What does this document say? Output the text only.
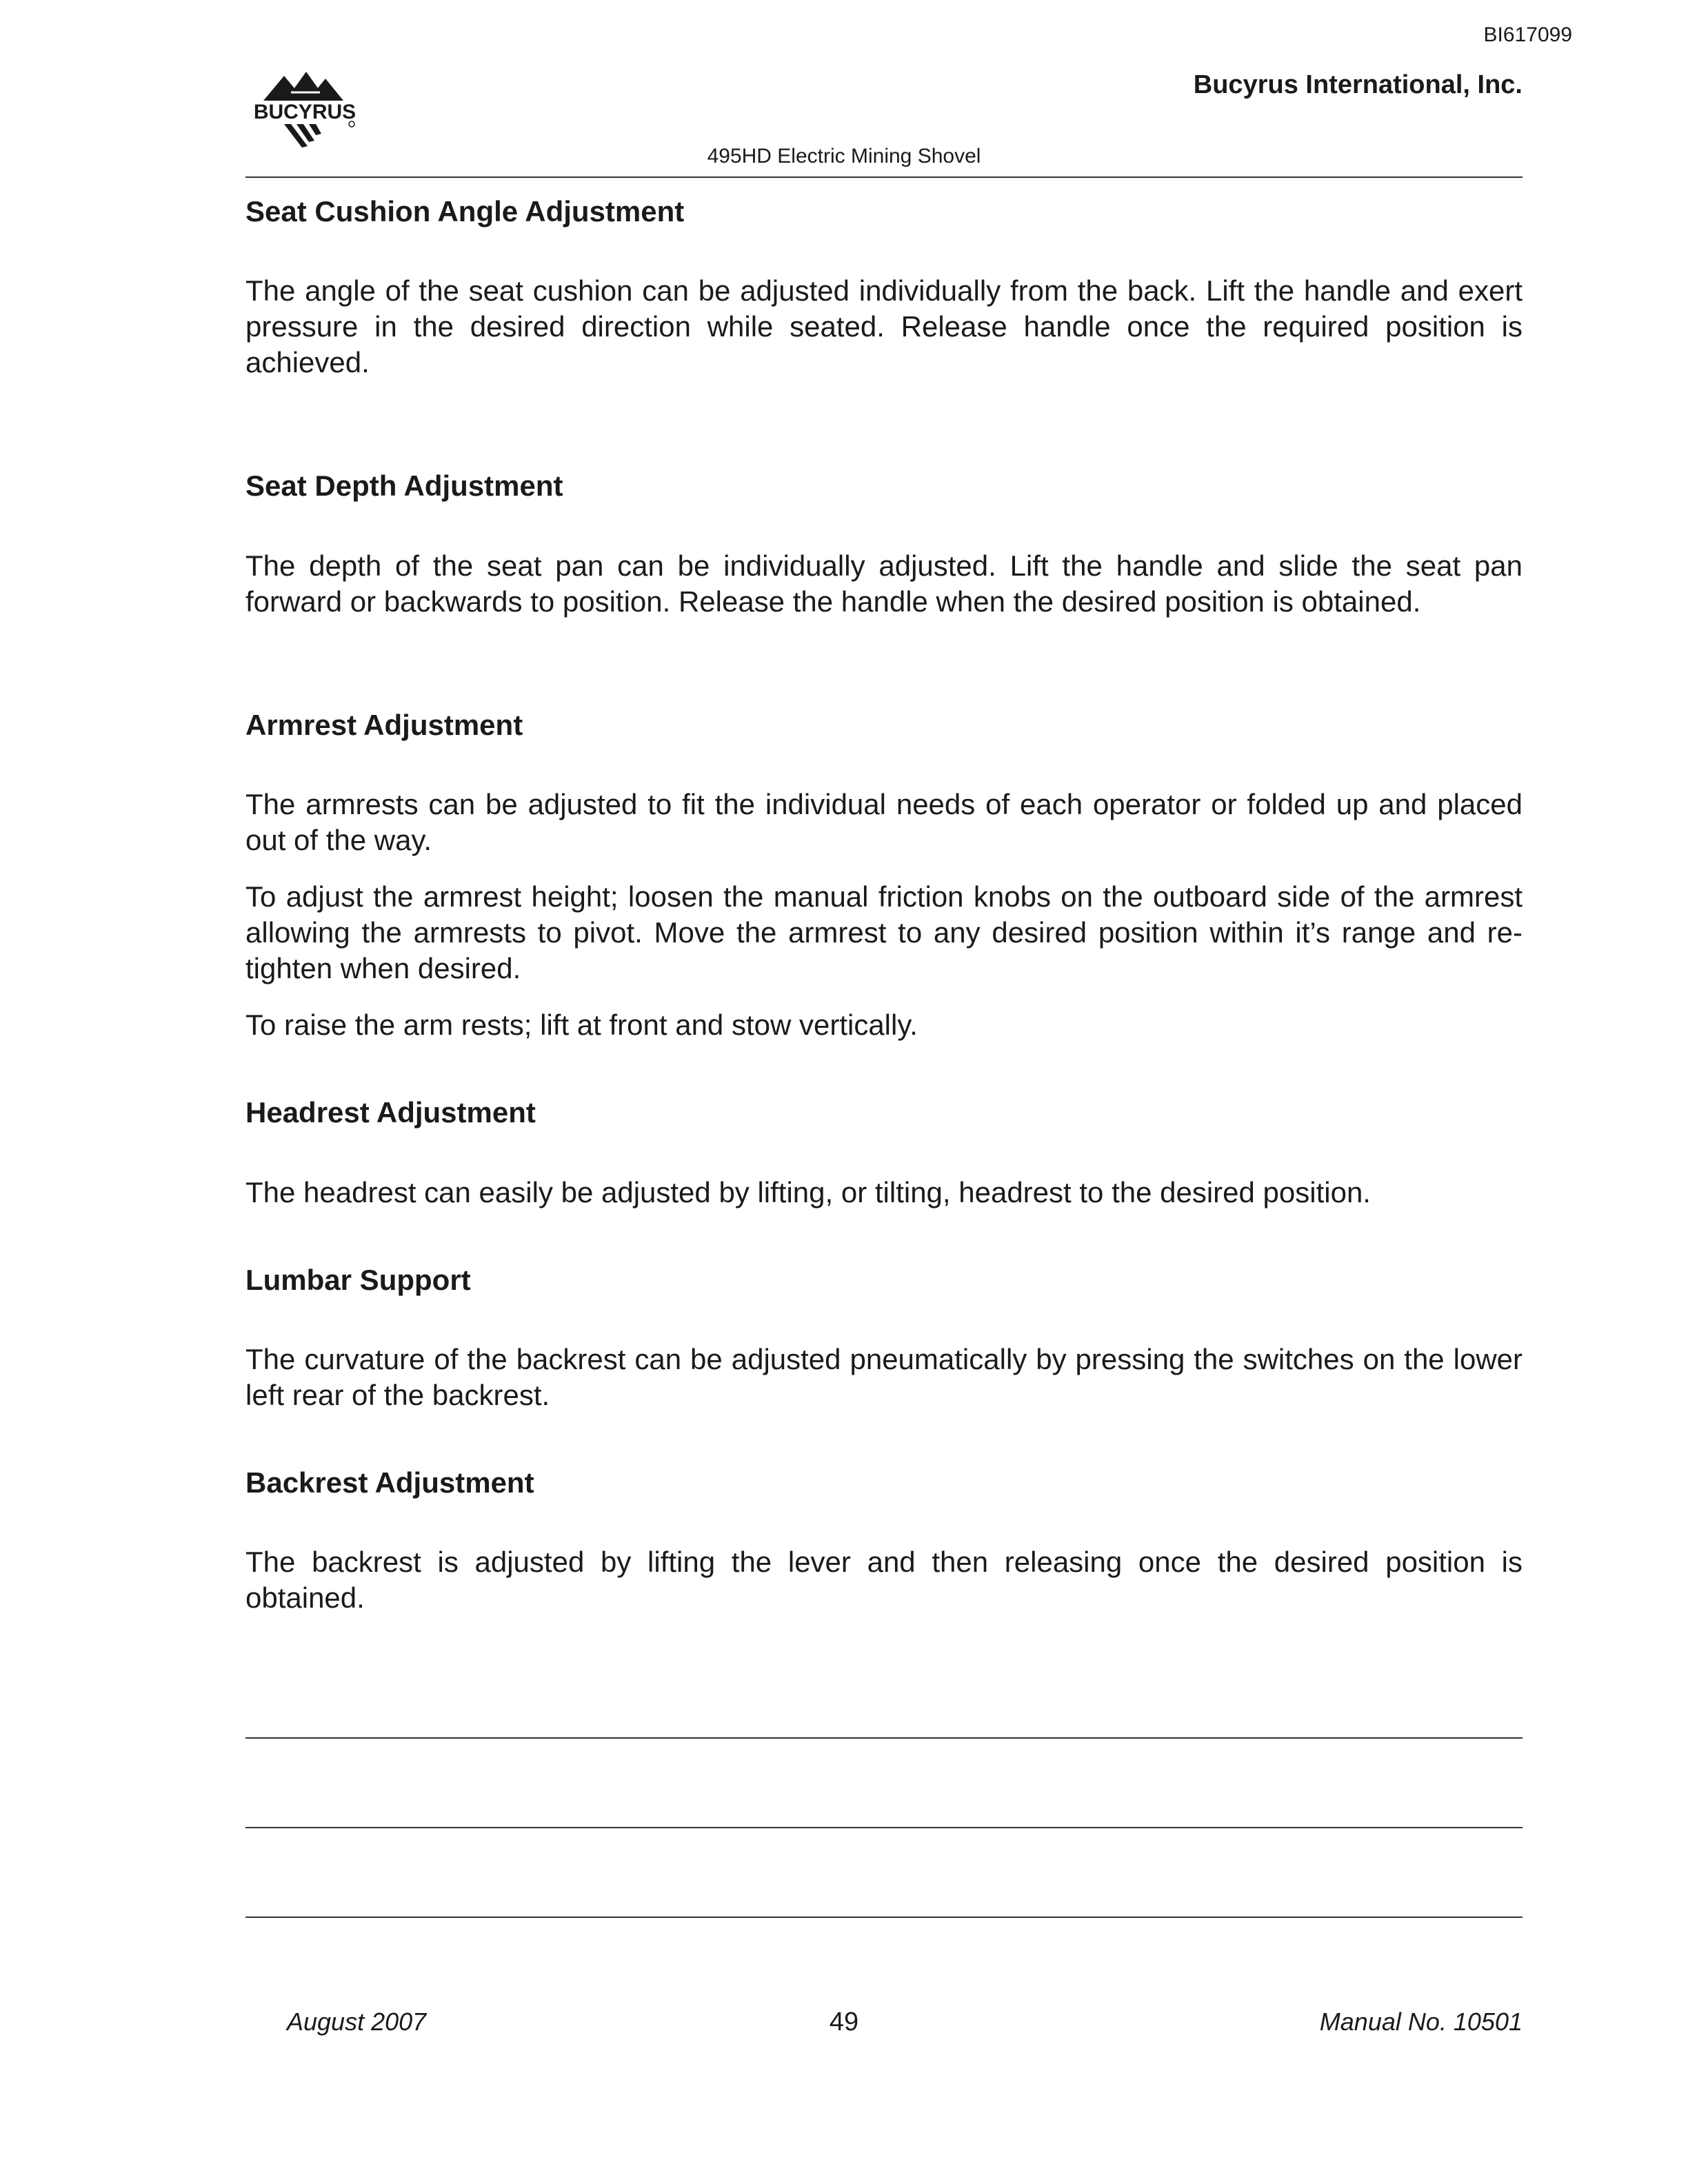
BI617099
BUCYRUS
Bucyrus International, Inc.
495HD Electric Mining Shovel
Seat Cushion Angle Adjustment

The angle of the seat cushion can be adjusted individually from the back. Lift the handle and exert pressure in the desired direction while seated. Release handle once the required position is achieved.

Seat Depth Adjustment

The depth of the seat pan can be individually adjusted. Lift the handle and slide the seat pan forward or backwards to position. Release the handle when the desired position is obtained.

Armrest Adjustment

The armrests can be adjusted to fit the individual needs of each operator or folded up and placed out of the way.

To adjust the armrest height; loosen the manual friction knobs on the outboard side of the armrest allowing the armrests to pivot. Move the armrest to any desired position within it’s range and re-tighten when desired.

To raise the arm rests; lift at front and stow vertically.

Headrest Adjustment

The headrest can easily be adjusted by lifting, or tilting, headrest to the desired position.

Lumbar Support

The curvature of the backrest can be adjusted pneumatically by pressing the switches on the lower left rear of the backrest.

Backrest Adjustment

The backrest is adjusted by lifting the lever and then releasing once the desired position is obtained.

August 2007	49	Manual No. 10501
